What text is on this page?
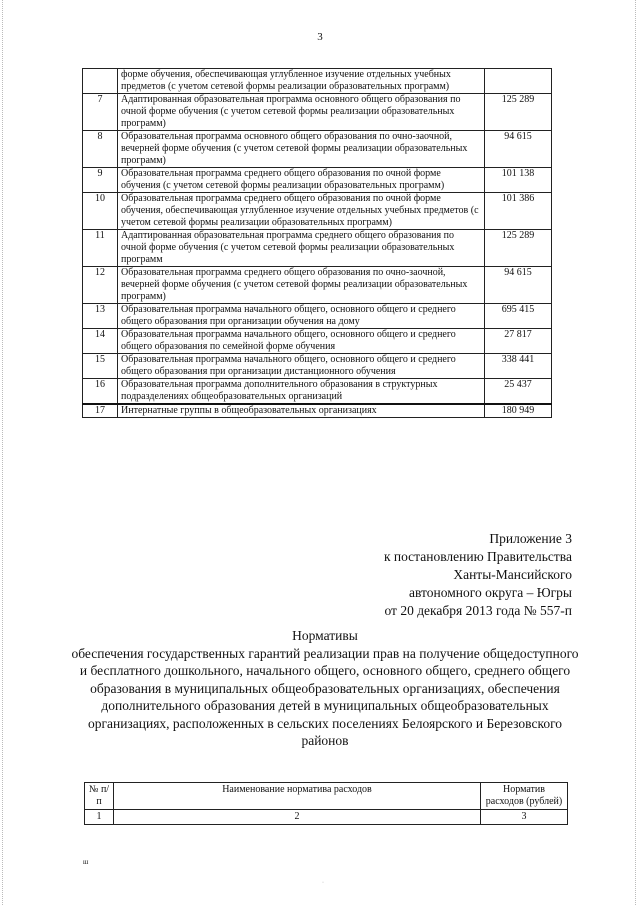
3
	форме обучения, обеспечивающая углубленное изучение отдельных учебных предметов (с учетом сетевой формы реализации образовательных программ)	
7	Адаптированная образовательная программа основного общего образования по очной форме обучения (с учетом сетевой формы реализации образовательных программ)	125 289
8	Образовательная программа основного общего образования по очно-заочной, вечерней форме обучения (с учетом сетевой формы реализации образовательных программ)	94 615
9	Образовательная программа среднего общего образования по очной форме обучения (с учетом сетевой формы реализации образовательных программ)	101 138
10	Образовательная программа среднего общего образования по очной форме обучения, обеспечивающая углубленное изучение отдельных учебных предметов (с учетом сетевой формы реализации образовательных программ)	101 386
11	Адаптированная образовательная программа среднего общего образования по очной форме обучения (с учетом сетевой формы реализации образовательных программ	125 289
12	Образовательная программа среднего общего образования по очно-заочной, вечерней форме обучения (с учетом сетевой формы реализации образовательных программ)	94 615
13	Образовательная программа начального общего, основного общего и среднего общего образования при организации обучения на дому	695 415
14	Образовательная программа начального общего, основного общего и среднего общего образования по семейной форме обучения	27 817
15	Образовательная программа начального общего, основного общего и среднего общего образования при организации дистанционного обучения	338 441
16	Образовательная программа дополнительного образования в структурных подразделениях общеобразовательных организаций	25 437
17	Интернатные группы в общеобразовательных организациях	180 949
Приложение 3
к постановлению Правительства
Ханты-Мансийского
автономного округа – Югры
от 20 декабря 2013 года № 557-п
Нормативы
обеспечения государственных гарантий реализации прав на получение общедоступного и бесплатного дошкольного, начального общего, основного общего, среднего общего образования в муниципальных общеобразовательных организациях, обеспечения дополнительного образования детей в муниципальных общеобразовательных организациях, расположенных в сельских поселениях Белоярского и Березовского районов
№ п/п	Наименование норматива расходов	Норматив расходов (рублей)
1	2	3
ш
·
